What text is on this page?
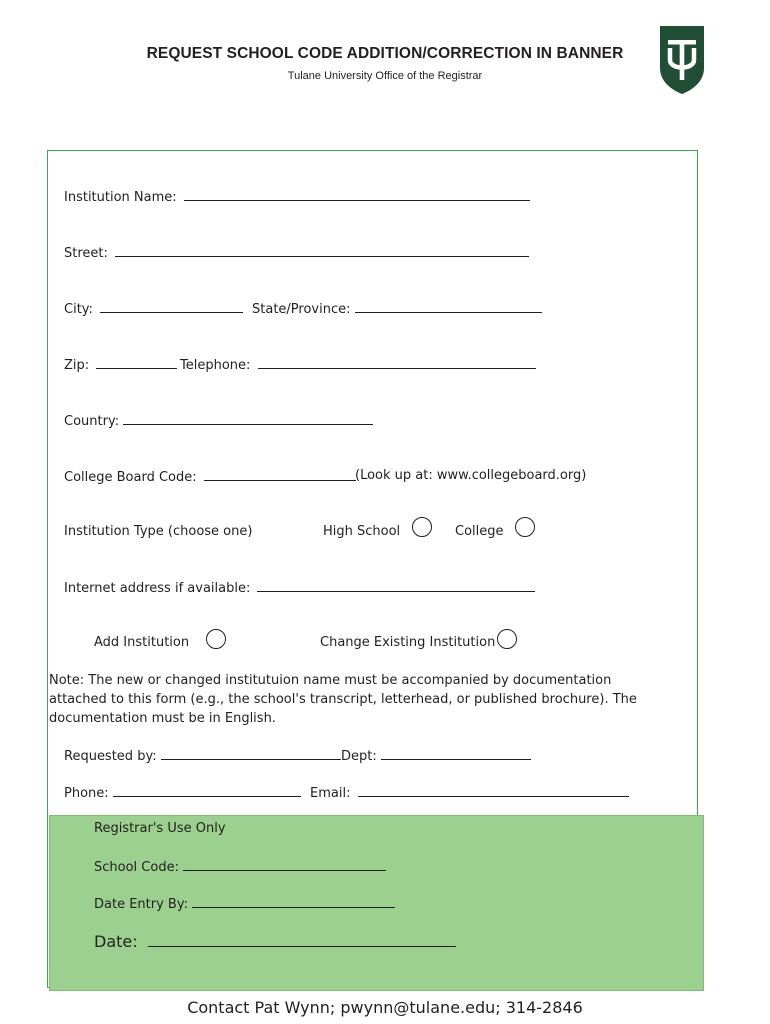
REQUEST SCHOOL CODE ADDITION/CORRECTION IN BANNER
Tulane University Office of the Registrar
Institution Name:
Street:
City:	State/Province:
Zip:	Telephone:
Country:
College Board Code:	(Look up at: www.collegeboard.org)
Institution Type (choose one)	High School	College
Internet address if available:
Add Institution	Change Existing Institution
Note: The new or changed institutuion name must be accompanied by documentation attached to this form (e.g., the school's transcript, letterhead, or published brochure). The documentation must be in English.
Requested by:	Dept:
Phone:	Email:
Registrar's Use Only
School Code:
Date Entry By:
Date:
Contact Pat Wynn; pwynn@tulane.edu; 314-2846
